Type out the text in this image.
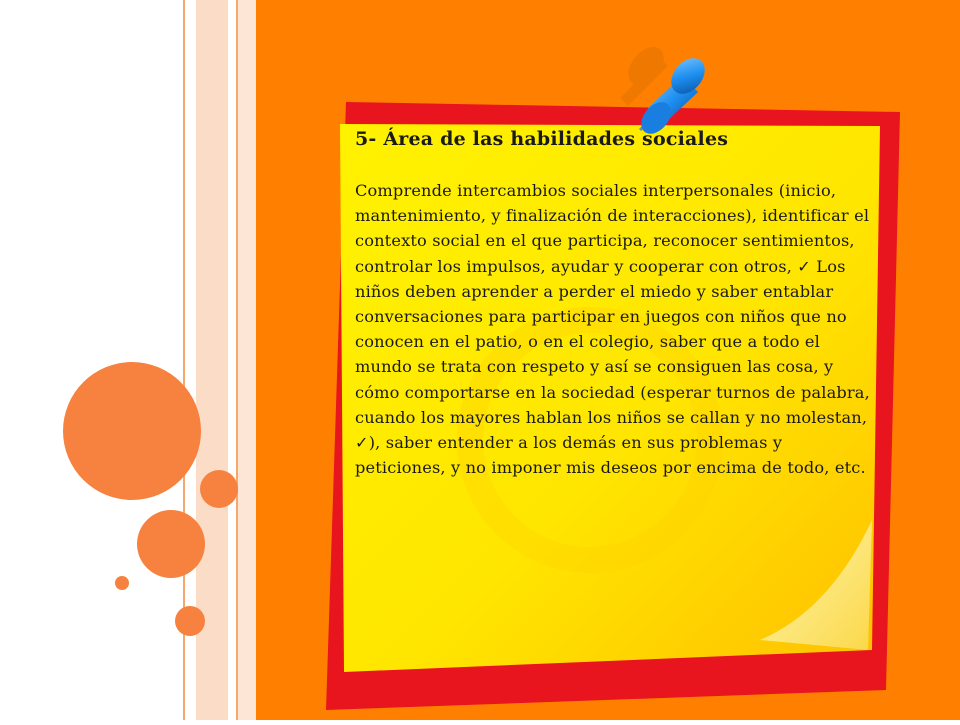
5- Área de las habilidades sociales

Comprende intercambios sociales interpersonales (inicio, mantenimiento, y finalización de interacciones), identificar el contexto social en el que participa, reconocer sentimientos, controlar los impulsos, ayudar y cooperar con otros, ✓ Los niños deben aprender a perder el miedo y saber entablar conversaciones para participar en juegos con niños que no conocen en el patio, o en el colegio, saber que a todo el mundo se trata con respeto y así se consiguen las cosa, y cómo comportarse en la sociedad (esperar turnos de palabra, cuando los mayores hablan los niños se callan y no molestan, ✓), saber entender a los demás en sus problemas y peticiones, y no imponer mis deseos por encima de todo, etc.
